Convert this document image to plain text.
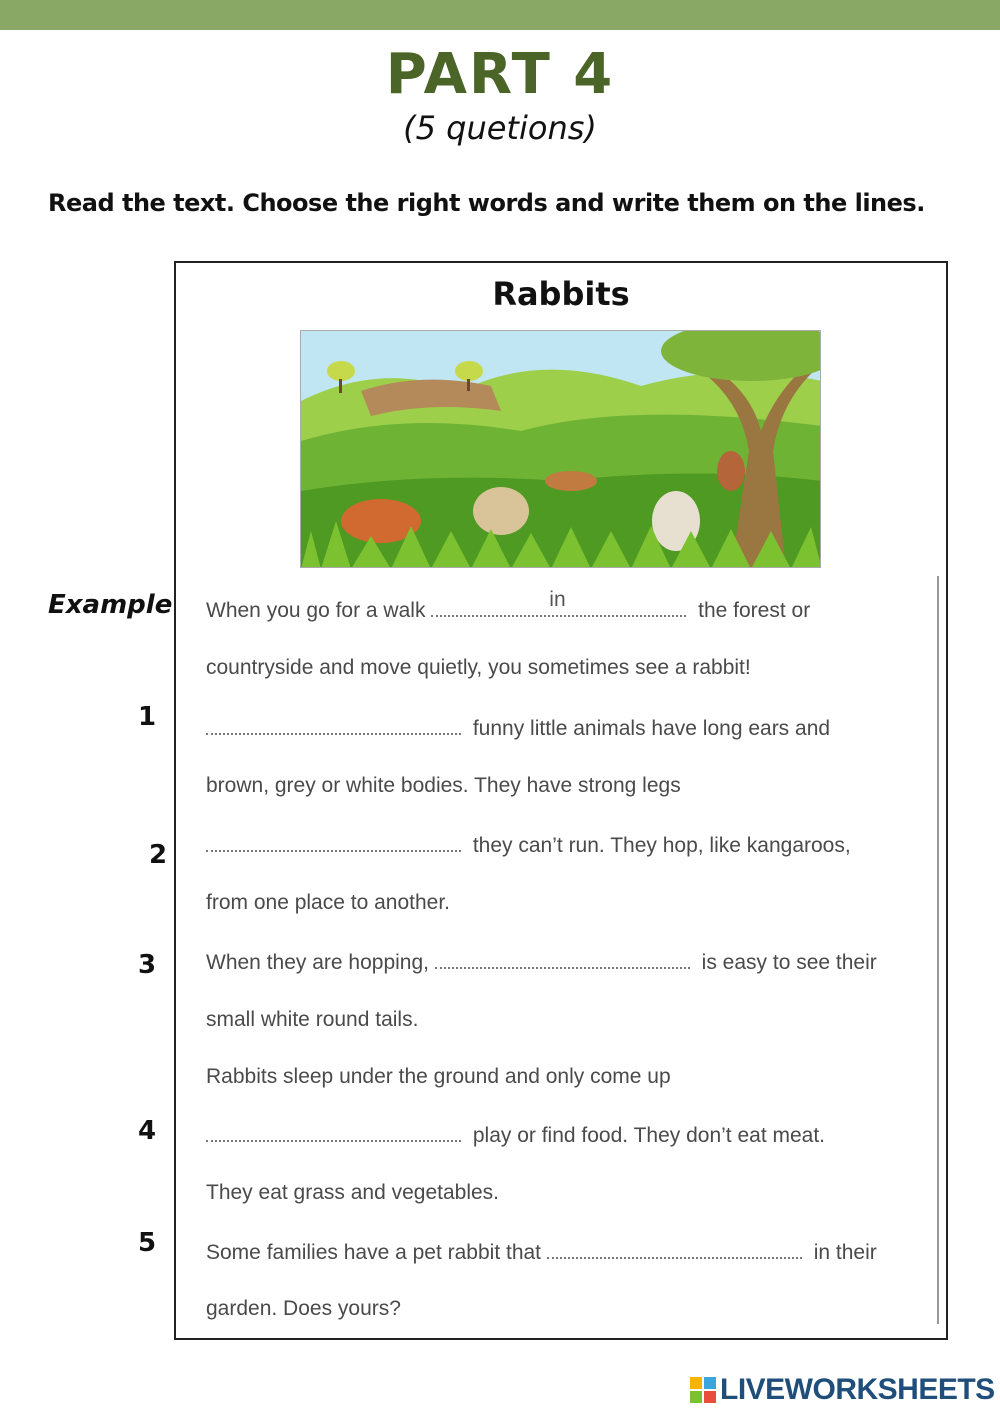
PART 4
(5 quetions)
Read the text. Choose the right words and write them on the lines.
Rabbits
Example
1
2
3
4
5
When you go for a walk	in	the forest or
countryside and move quietly, you sometimes see a rabbit!
funny little animals have long ears and
brown, grey or white bodies. They have strong legs
they can’t run. They hop, like kangaroos,
from one place to another.
When they are hopping,	is easy to see their
small white round tails.
Rabbits sleep under the ground and only come up
play or find food. They don’t eat meat.
They eat grass and vegetables.
Some families have a pet rabbit that	in their
garden. Does yours?
LIVEWORKSHEETS
